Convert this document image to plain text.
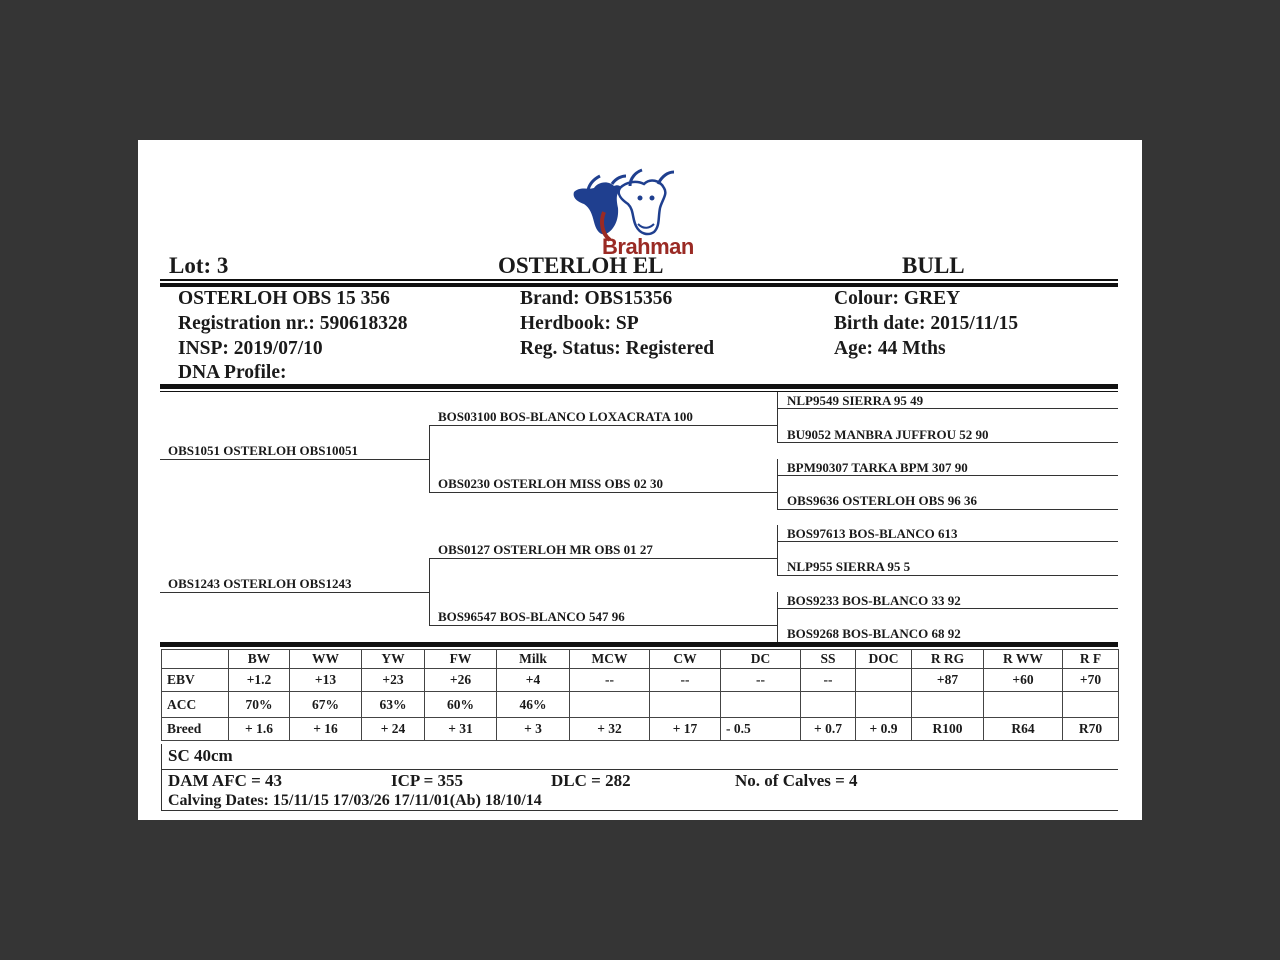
Brahman
Lot: 3	OSTERLOH EL	BULL
OSTERLOH OBS 15 356
Registration nr.: 590618328
INSP: 2019/07/10
DNA Profile:
Brand: OBS15356
Herdbook: SP
Reg. Status: Registered
Colour: GREY
Birth date: 2015/11/15
Age: 44 Mths
OBS1051 OSTERLOH OBS10051
OBS1243 OSTERLOH OBS1243
BOS03100 BOS-BLANCO LOXACRATA 100
OBS0230 OSTERLOH MISS OBS 02 30
OBS0127 OSTERLOH MR OBS 01 27
BOS96547 BOS-BLANCO 547 96
NLP9549 SIERRA 95 49
BU9052 MANBRA JUFFROU 52 90
BPM90307 TARKA BPM 307 90
OBS9636 OSTERLOH OBS 96 36
BOS97613 BOS-BLANCO 613
NLP955 SIERRA 95 5
BOS9233 BOS-BLANCO 33 92
BOS9268 BOS-BLANCO 68 92
	BW	WW	YW	FW	Milk	MCW	CW	DC	SS	DOC	R RG	R WW	R F
EBV	+1.2	+13	+23	+26	+4	--	--	--	--		+87	+60	+70
ACC	70%	67%	63%	60%	46%								
Breed	+ 1.6	+ 16	+ 24	+ 31	+ 3	+ 32	+ 17	- 0.5	+ 0.7	+ 0.9	R100	R64	R70
SC 40cm
DAM AFC = 43	ICP = 355	DLC = 282	No. of Calves = 4
Calving Dates: 15/11/15 17/03/26 17/11/01(Ab) 18/10/14
